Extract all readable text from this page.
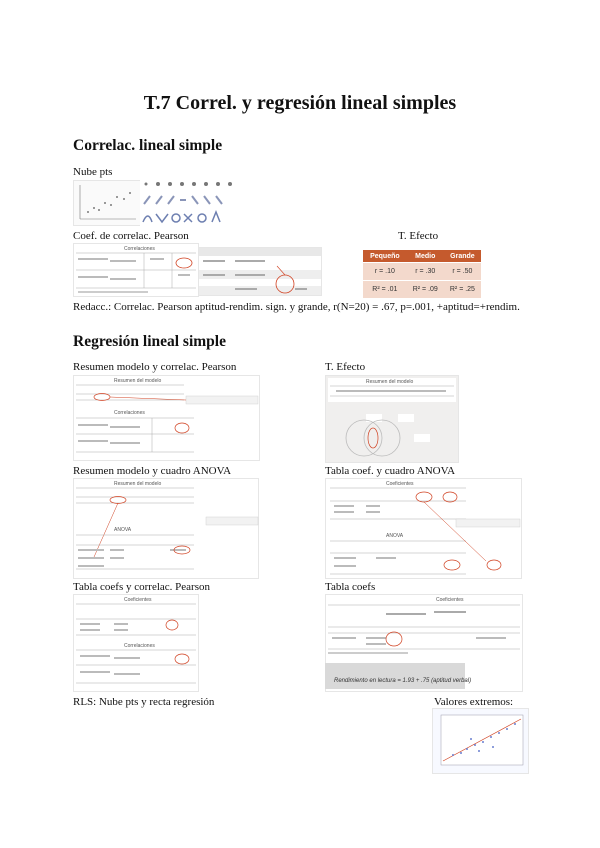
T.7 Correl. y regresión lineal simples
Correlac. lineal simple
Nube pts
Coef. de correlac. Pearson
Correlaciones
T. Efecto
Pequeño	Medio	Grande
r = .10	r = .30	r = .50
R² = .01	R² = .09	R² = .25
Redacc.: Correlac. Pearson aptitud-rendim. sign. y grande, r(N=20) = .67, p=.001, +aptitud=+rendim.
Regresión lineal simple
Resumen modelo y correlac. Pearson	T. Efecto
Resumen del modelo
Correlaciones
Resumen del modelo
Resumen modelo y cuadro ANOVA	Tabla coef. y cuadro ANOVA
Resumen del modelo
ANOVA
Coeficientes
ANOVA
Tabla coefs y correlac. Pearson	Tabla coefs
Coeficientes
Correlaciones
Coeficientes
Rendimiento en lectura = 1.93 + .75 (aptitud verbal)
RLS: Nube pts y recta regresión	Valores extremos:
